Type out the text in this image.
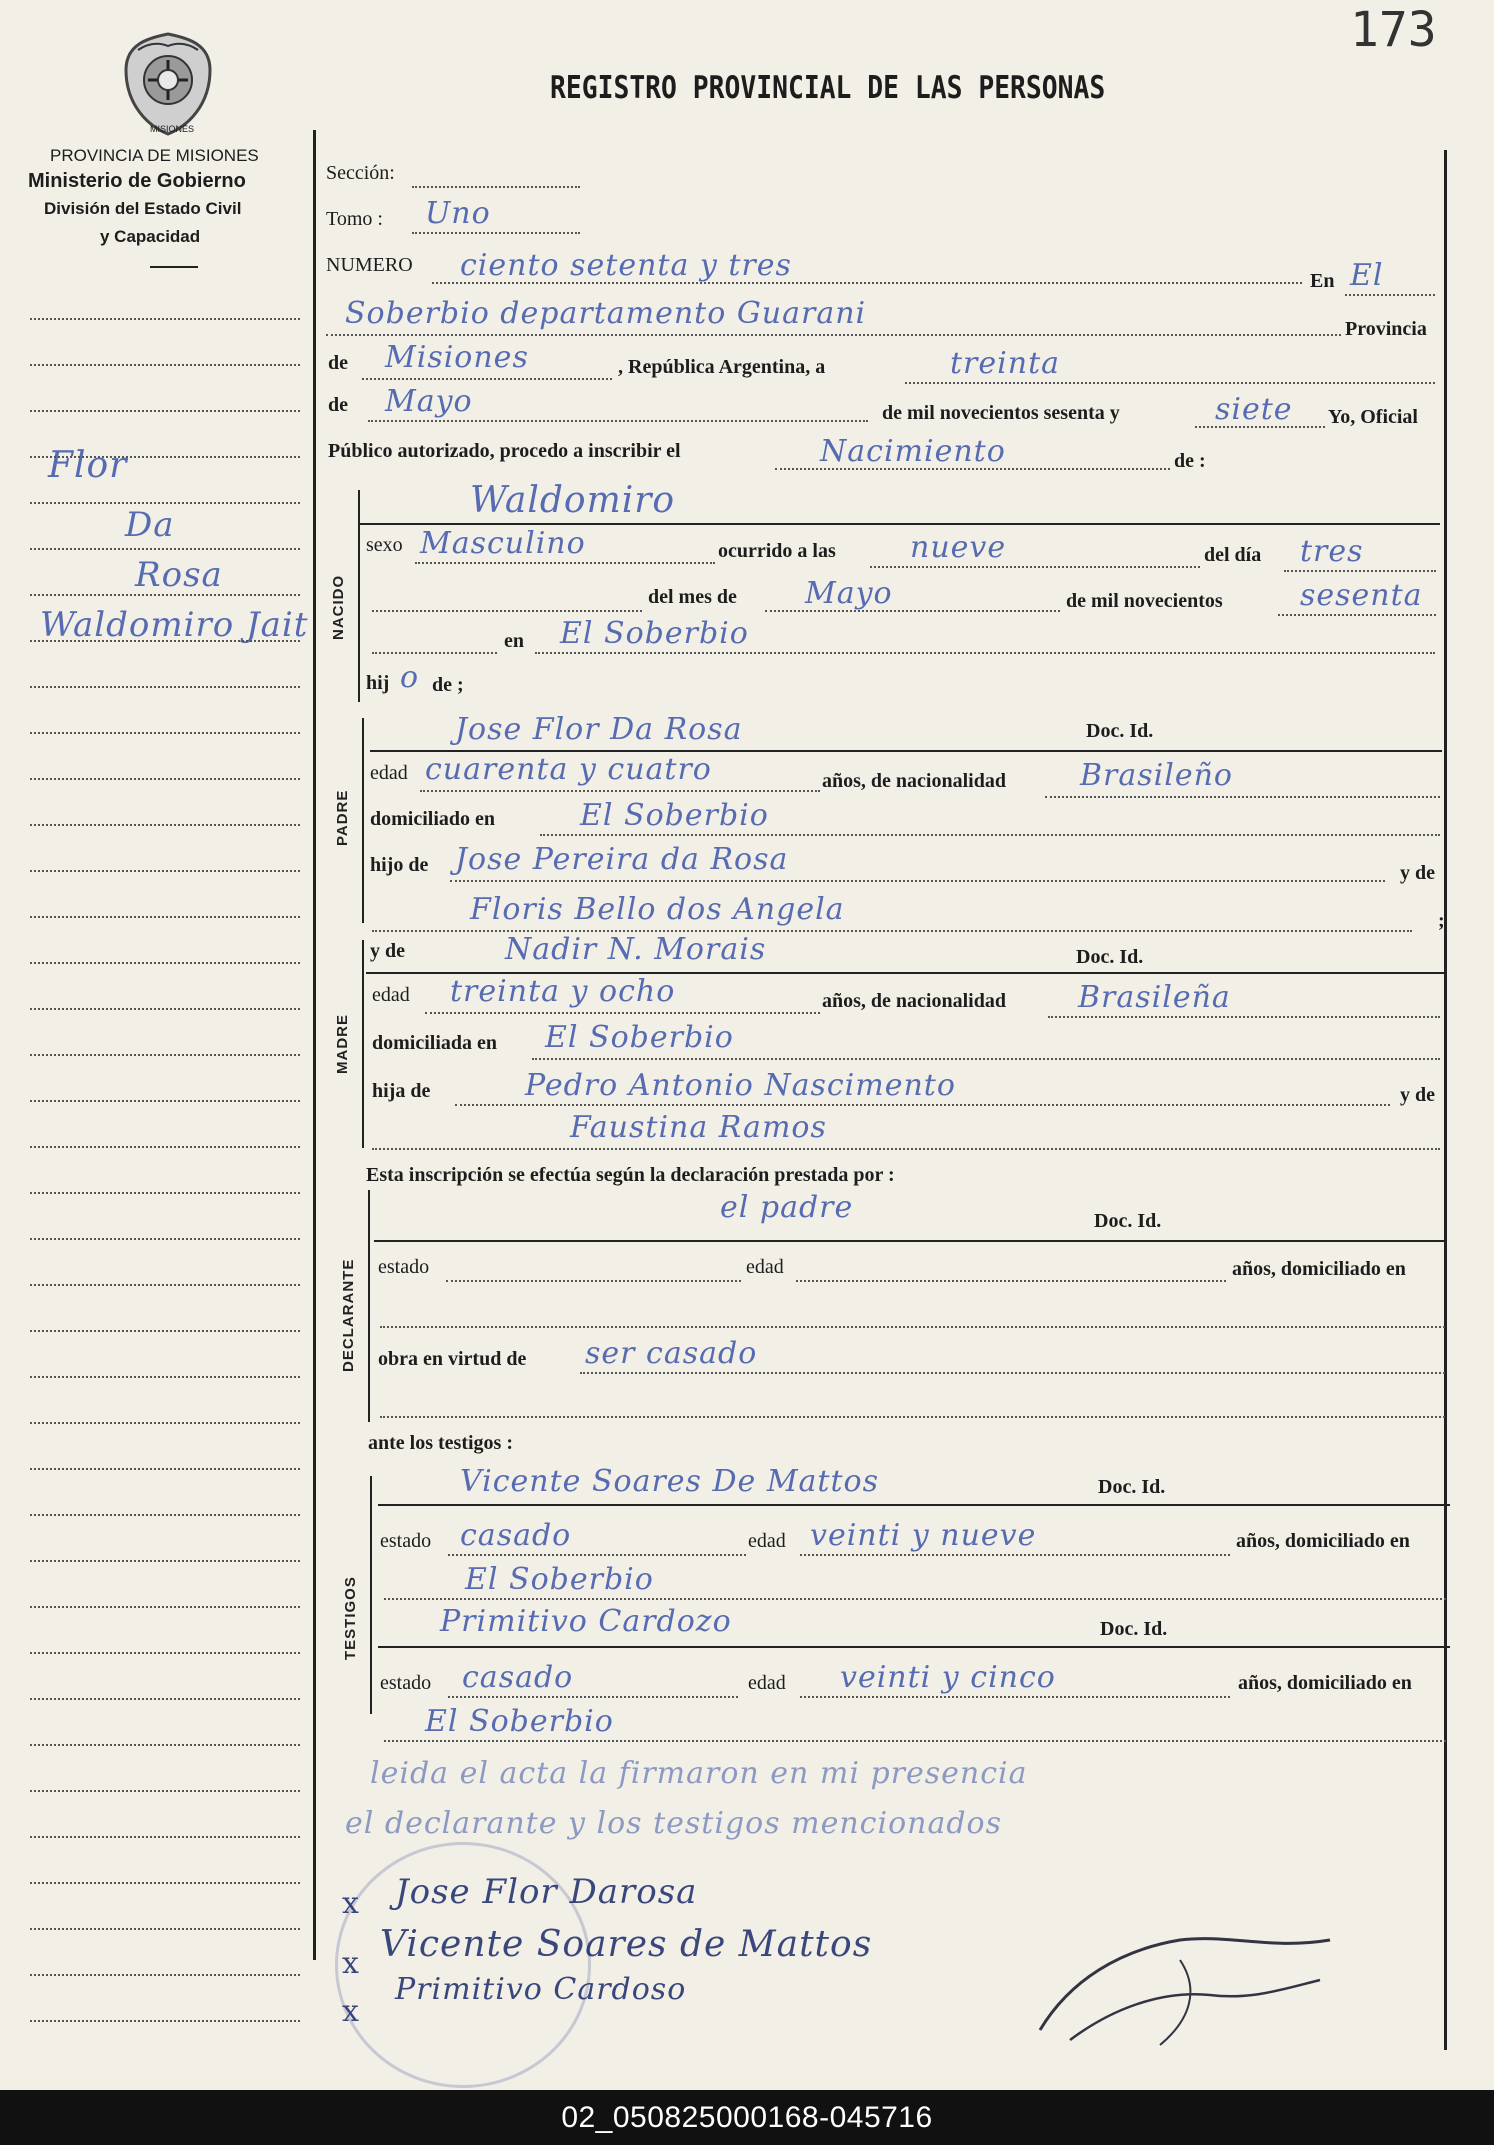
173
MISIONES
PROVINCIA DE MISIONES
Ministerio de Gobierno
División del Estado Civil
y Capacidad
REGISTRO PROVINCIAL DE LAS PERSONAS
Flor
Da
Rosa
Waldomiro Jait
Sección:
Tomo : Uno
NUMERO ciento setenta y tres	En El
Soberbio departamento Guarani	Provincia
de Misiones	, República Argentina, a	treinta
de Mayo	de mil novecientos sesenta y	siete Yo, Oficial
Público autorizado, procedo a inscribir el	Nacimiento	de :
Waldomiro
NACIDO
sexo Masculino	ocurrido a las nueve	del día tres
del mes de Mayo	de mil novecientos	sesenta
en El Soberbio
hij o de ;
PADRE
Jose Flor Da Rosa	Doc. Id.
edad cuarenta y cuatro	años, de nacionalidad Brasileño
domiciliado en	El Soberbio
hijo de Jose Pereira da Rosa	y de
Floris Bello dos Angela	;
MADRE
y de	Nadir N. Morais	Doc. Id.
edad treinta y ocho	años, de nacionalidad Brasileña
domiciliada en El Soberbio
hija de	Pedro Antonio Nascimento	y de
Faustina Ramos
Esta inscripción se efectúa según la declaración prestada por :
DECLARANTE
el padre	Doc. Id.
estado	edad	años, domiciliado en
obra en virtud de ser casado
ante los testigos :
TESTIGOS
Vicente Soares De Mattos	Doc. Id.
estado casado	edad veinti y nueve	años, domiciliado en
El Soberbio
Primitivo Cardozo	Doc. Id.
estado casado	edad veinti y cinco	años, domiciliado en
El Soberbio
leida el acta la firmaron en mi presencia
el declarante y los testigos mencionados
x Jose Flor Darosa
x Vicente Soares de Mattos
x
Primitivo Cardoso
02_050825000168-045716
